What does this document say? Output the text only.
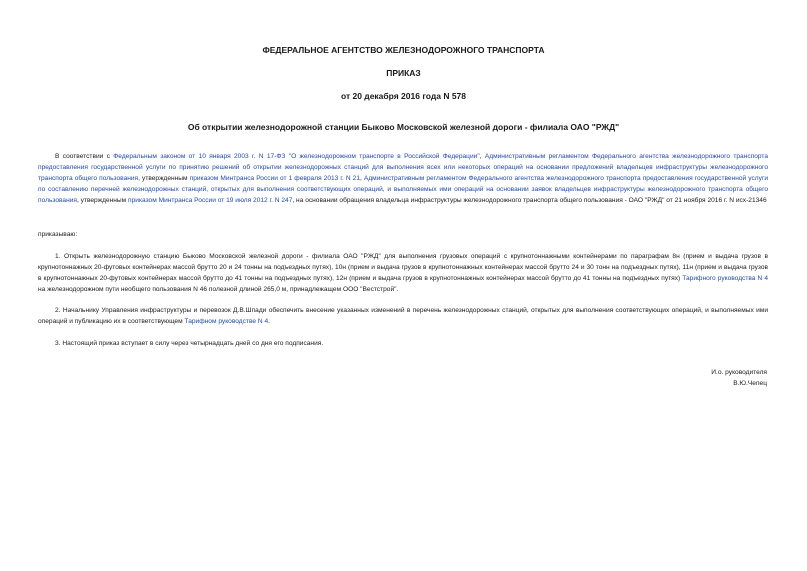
ФЕДЕРАЛЬНОЕ АГЕНТСТВО ЖЕЛЕЗНОДОРОЖНОГО ТРАНСПОРТА
ПРИКАЗ
от 20 декабря 2016 года N 578
Об открытии железнодорожной станции Быково Московской железной дороги - филиала ОАО "РЖД"

В соответствии с Федеральным законом от 10 января 2003 г. N 17-ФЗ "О железнодорожном транспорте в Российской Федерации", Административным регламентом Федерального агентства железнодорожного транспорта предоставления государственной услуги по принятию решений об открытии железнодорожных станций для выполнения всех или некоторых операций на основании предложений владельцев инфраструктуры железнодорожного транспорта общего пользования, утвержденным приказом Минтранса России от 1 февраля 2013 г. N 21, Административным регламентом Федерального агентства железнодорожного транспорта предоставления государственной услуги по составлению перечней железнодорожных станций, открытых для выполнения соответствующих операций, и выполняемых ими операций на основании заявок владельцев инфраструктуры железнодорожного транспорта общего пользования, утвержденным приказом Минтранса России от 19 июля 2012 г. N 247, на основании обращения владельца инфраструктуры железнодорожного транспорта общего пользования - ОАО "РЖД" от 21 ноября 2016 г. N исх-21346

приказываю:

1. Открыть железнодорожную станцию Быково Московской железной дороги - филиала ОАО "РЖД" для выполнения грузовых операций с крупнотоннажными контейнерами по параграфам 8н (прием и выдача грузов в крупнотоннажных 20-футовых контейнерах массой брутто 20 и 24 тонны на подъездных путях), 10н (прием и выдача грузов в крупнотоннажных контейнерах массой брутто 24 и 30 тонн на подъездных путях), 11н (прием и выдача грузов в крупнотоннажных 20-футовых контейнерах массой брутто до 41 тонны на подъездных путях), 12н (прием и выдача грузов в крупнотоннажных контейнерах массой брутто до 41 тонны на подъездных путях) Тарифного руководства N 4 на железнодорожном пути необщего пользования N 46 полезной длиной 265,0 м, принадлежащем ООО "Вестстрой".

2. Начальнику Управления инфраструктуры и перевозок Д.В.Шпади обеспечить внесение указанных изменений в перечень железнодорожных станций, открытых для выполнения соответствующих операций, и выполняемых ими операций и публикацию их в соответствующем Тарифном руководстве N 4.

3. Настоящий приказ вступает в силу через четырнадцать дней со дня его подписания.

И.о. руководителя
В.Ю.Чепец
